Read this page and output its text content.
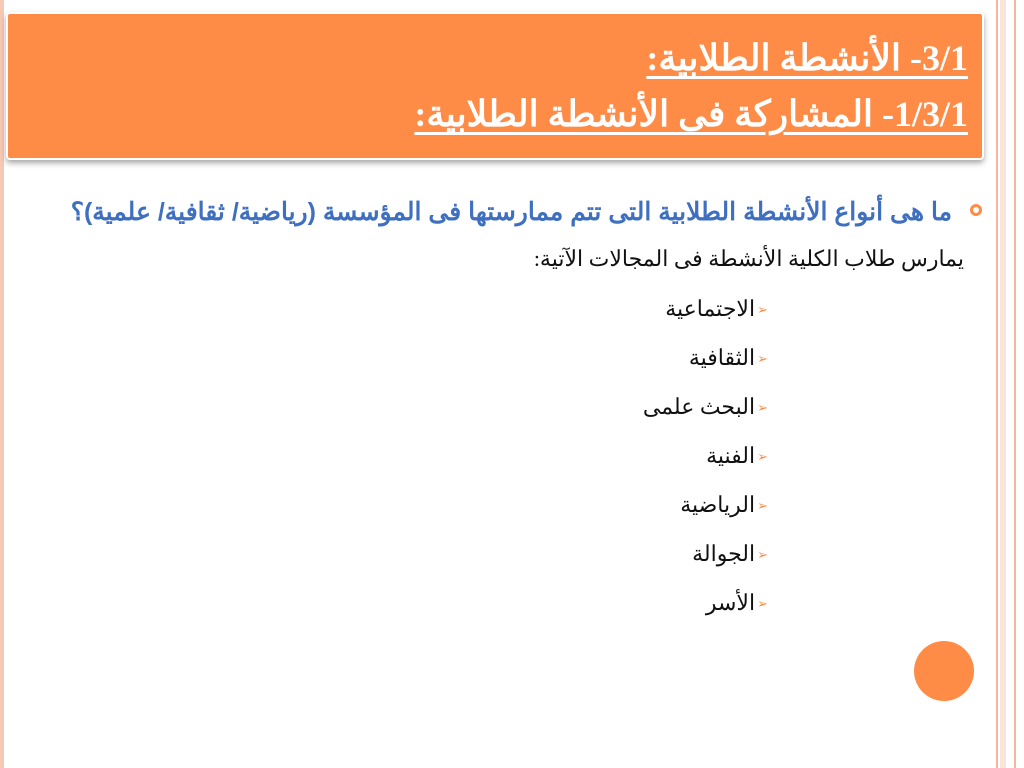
3/1- الأنشطة الطلابية:
1/3/1- المشاركة فى الأنشطة الطلابية:
ما هى أنواع الأنشطة الطلابية التى تتم ممارستها فى المؤسسة (رياضية/ ثقافية/ علمية)؟
يمارس طلاب الكلية الأنشطة فى المجالات الآتية:
➢الاجتماعية
➢الثقافية
➢البحث علمى
➢الفنية
➢الرياضية
➢الجوالة
➢الأسر
